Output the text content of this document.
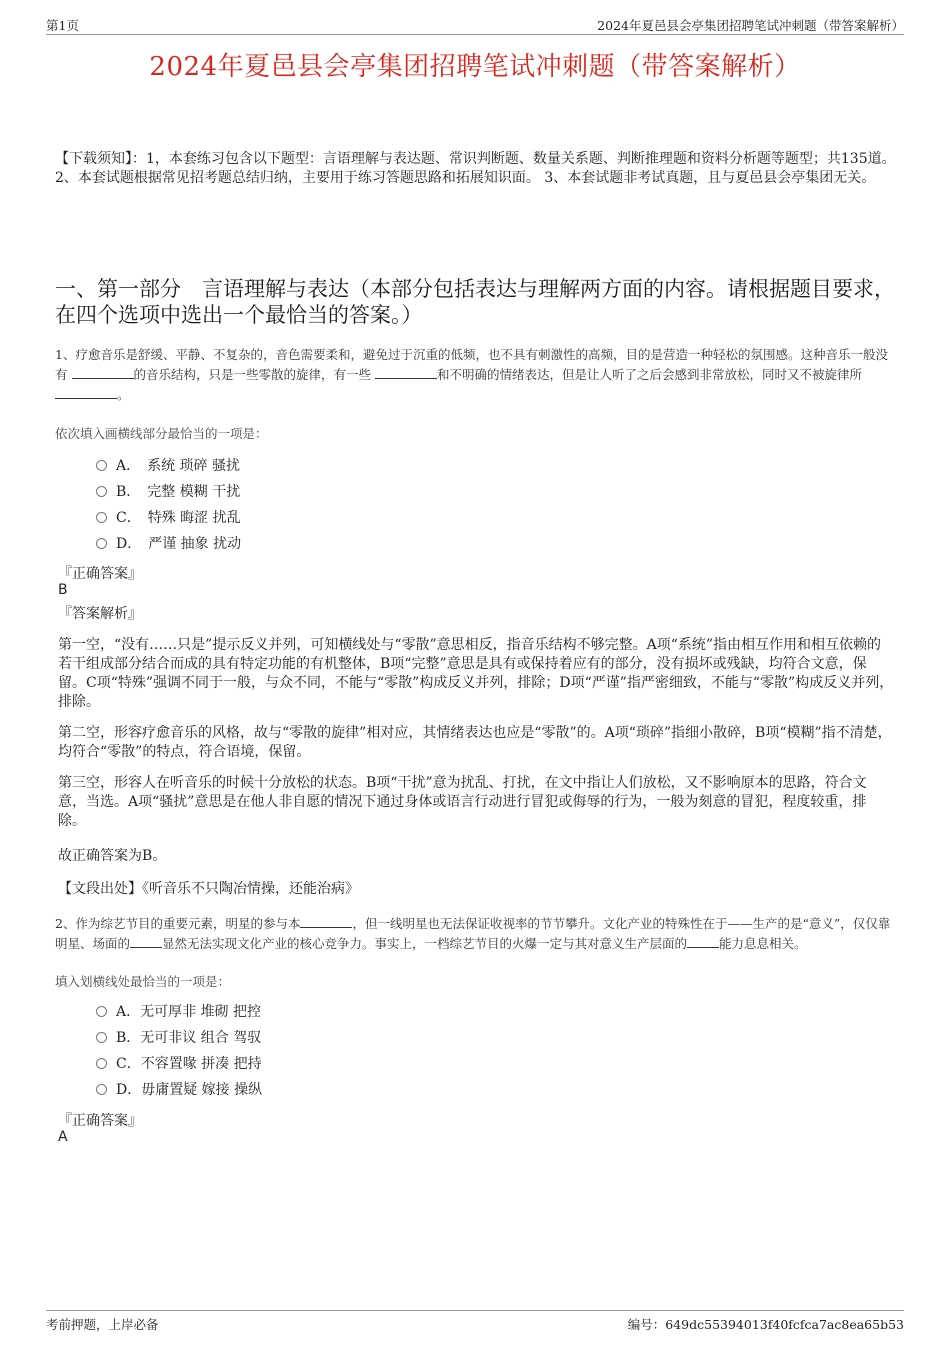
第1页	2024年夏邑县会亭集团招聘笔试冲刺题（带答案解析）
2024年夏邑县会亭集团招聘笔试冲刺题（带答案解析）
【下载须知】：1，本套练习包含以下题型：言语理解与表达题、常识判断题、数量关系题、判断推理题和资料分析题等题型；共135道。 2、本套试题根据常见招考题总结归纳，主要用于练习答题思路和拓展知识面。 3、本套试题非考试真题，且与夏邑县会亭集团无关。
一、第一部分　言语理解与表达（本部分包括表达与理解两方面的内容。请根据题目要求，在四个选项中选出一个最恰当的答案。）
1、疗愈音乐是舒缓、平静、不复杂的，音色需要柔和，避免过于沉重的低频，也不具有刺激性的高频，目的是营造一种轻松的氛围感。这种音乐一般没有	的音乐结构，只是一些零散的旋律，有一些	和不明确的情绪表达，但是让人听了之后会感到非常放松，同时又不被旋律所 。
依次填入画横线部分最恰当的一项是：
A．　系统 琐碎 骚扰
B．　完整 模糊 干扰
C．　特殊 晦涩 扰乱
D．　严谨 抽象 扰动
『正确答案』
B
『答案解析』
第一空，“没有……只是”提示反义并列，可知横线处与“零散”意思相反，指音乐结构不够完整。A项“系统”指由相互作用和相互依赖的若干组成部分结合而成的具有特定功能的有机整体，B项“完整”意思是具有或保持着应有的部分，没有损坏或残缺，均符合文意，保留。C项“特殊”强调不同于一般，与众不同，不能与“零散”构成反义并列，排除；D项“严谨”指严密细致，不能与“零散”构成反义并列，排除。
第二空，形容疗愈音乐的风格，故与“零散的旋律”相对应，其情绪表达也应是“零散”的。A项“琐碎”指细小散碎，B项“模糊”指不清楚，均符合“零散”的特点，符合语境，保留。
第三空，形容人在听音乐的时候十分放松的状态。B项“干扰”意为扰乱、打扰，在文中指让人们放松，又不影响原本的思路，符合文意，当选。A项“骚扰”意思是在他人非自愿的情况下通过身体或语言行动进行冒犯或侮辱的行为，一般为刻意的冒犯，程度较重，排除。
故正确答案为B。
【文段出处】《听音乐不只陶冶情操，还能治病》
2、作为综艺节目的重要元素，明星的参与本	，但一线明星也无法保证收视率的节节攀升。文化产业的特殊性在于——生产的是“意义”，仅仅靠明星、场面的	显然无法实现文化产业的核心竞争力。事实上，一档综艺节目的火爆一定与其对意义生产层面的	能力息息相关。
填入划横线处最恰当的一项是：
A．无可厚非 堆砌 把控
B．无可非议 组合 驾驭
C．不容置喙 拼凑 把持
D．毋庸置疑 嫁接 操纵
『正确答案』
A
考前押题，上岸必备	编号：649dc55394013f40fcfca7ac8ea65b53
